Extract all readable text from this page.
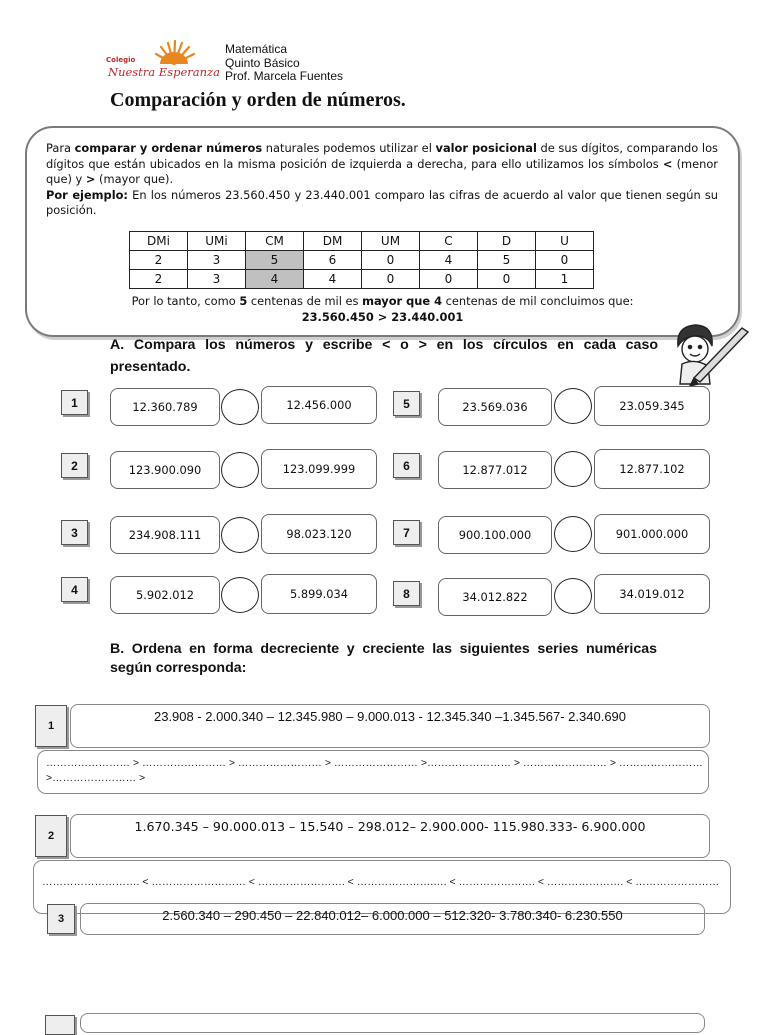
Colegio
Nuestra Esperanza
Matemática
Quinto Básico
Prof. Marcela Fuentes
Comparación y orden de números.

Para comparar y ordenar números naturales podemos utilizar el valor posicional de sus dígitos, comparando los dígitos que están ubicados en la misma posición de izquierda a derecha, para ello utilizamos los símbolos < (menor que) y > (mayor que).

Por ejemplo: En los números 23.560.450 y 23.440.001 comparo las cifras de acuerdo al valor que tienen según su posición.

DMi	UMi	CM	DM	UM	C	D	U
2	3	5	6	0	4	5	0
2	3	4	4	0	0	0	1
Por lo tanto, como 5 centenas de mil es mayor que 4 centenas de mil concluimos que:
23.560.450 > 23.440.001
A. Compara los números y escribe < o > en los círculos en cada caso presentado.
1	12.360.789	12.456.000
2	123.900.090	123.099.999
3	234.908.111	98.023.120
4	5.902.012	5.899.034
5	23.569.036	23.059.345
6	12.877.012	12.877.102
7	900.100.000	901.000.000
8	34.012.822	34.019.012
B. Ordena en forma decreciente y creciente las siguientes series numéricas según corresponda:
1
23.908 - 2.000.340 – 12.345.980 – 9.000.013 - 12.345.340 –1.345.567- 2.340.690
…………………… > …………………… > …………………… > …………………… >…………………… > …………………… > …………………… >…………………… >
2
1.670.345 – 90.000.013 – 15.540 – 298.012– 2.900.000- 115.980.333- 6.900.000
………………………. < ……………………… < ……………………. < ………………….…. < …………………. < …………………. < ……………………
3	2.560.340 – 290.450 – 22.840.012– 6.000.000 – 512.320- 3.780.340- 6.230.550
